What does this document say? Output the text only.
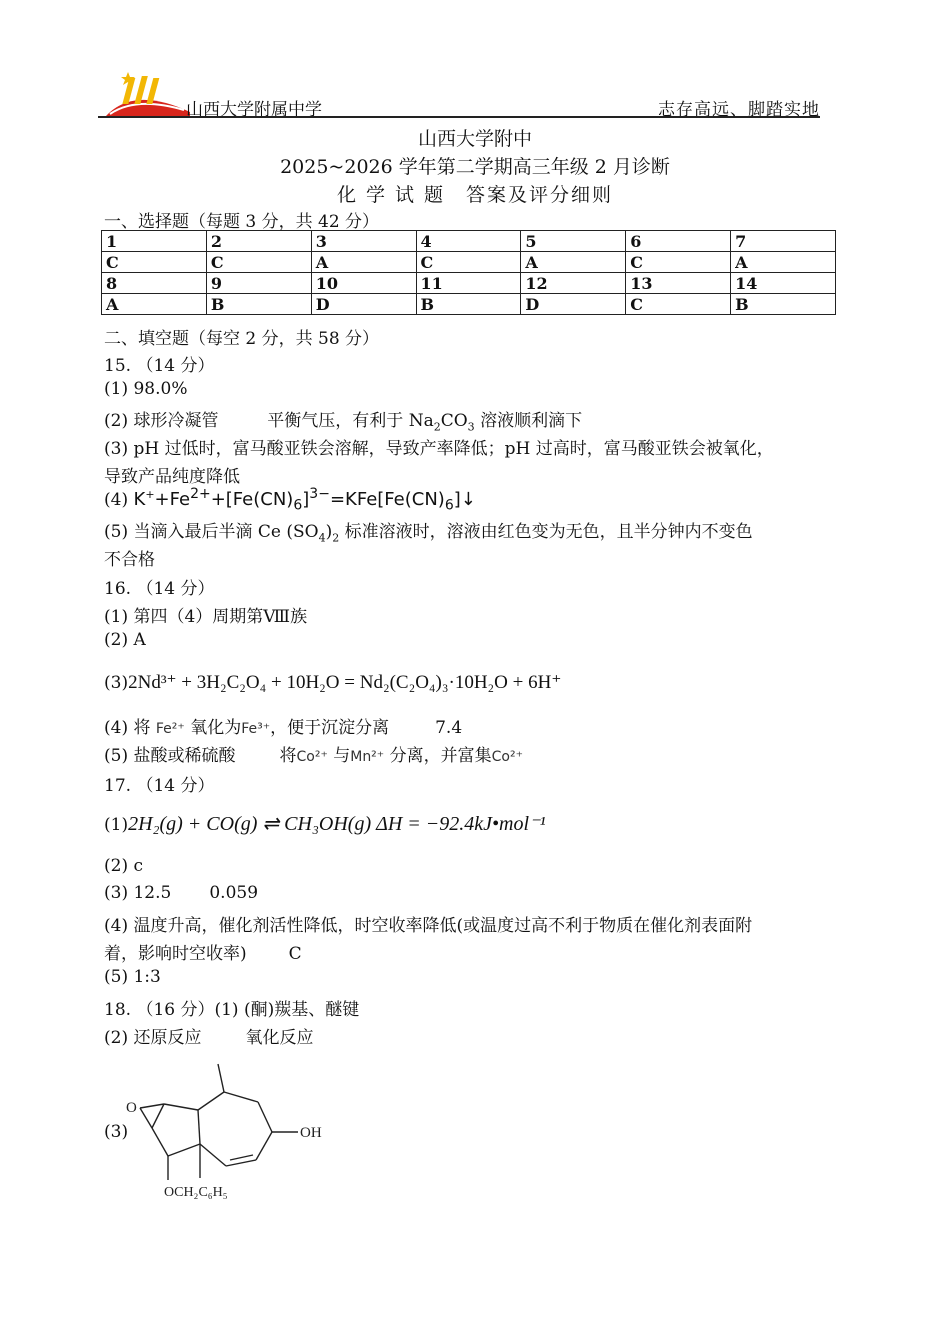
山西大学附属中学	志存高远、脚踏实地
山西大学附中
2025~2026 学年第二学期高三年级 2 月诊断
化 学 试 题　答案及评分细则
一、选择题（每题 3 分，共 42 分）
1	2	3	4	5	6	7
C	C	A	C	A	C	A
8	9	10	11	12	13	14
A	B	D	B	D	C	B
二、填空题（每空 2 分，共 58 分）
15. （14 分）
(1) 98.0%
(2) 球形冷凝管	平衡气压，有利于 $Na_2CO_3$ 溶液顺利滴下
(3) pH 过低时，富马酸亚铁会溶解，导致产率降低；pH 过高时，富马酸亚铁会被氧化，
导致产品纯度降低
(4) $K^++Fe^{2+}+[Fe(CN)_6]^{3-}=KFe[Fe(CN)_6]↓$
(5) 当滴入最后半滴 Ce $(SO_4)_2$ 标准溶液时，溶液由红色变为无色，且半分钟内不变色
不合格
16. （14 分）
(1) 第四（4）周期第Ⅷ族
(2) A
(3)2Nd³⁺ + 3H₂C₂O₄ + 10H₂O = Nd₂(C₂O₄)₃·10H₂O + 6H⁺
(4) 将 Fe²⁺ 氧化为Fe³⁺，便于沉淀分离	7.4
(5) 盐酸或稀硫酸	将Co²⁺ 与Mn²⁺ 分离，并富集Co²⁺
17. （14 分）
(1)2H₂(g) + CO(g) ⇌ CH₃OH(g) ΔH = −92.4kJ•mol⁻¹
(2) c
(3) 12.5 0.059
(4) 温度升高，催化剂活性降低，时空收率降低(或温度过高不利于物质在催化剂表面附
着，影响时空收率) C
(5) 1:3
18. （16 分）(1) (酮)羰基、醚键
(2) 还原反应	氧化反应
(3)
O
OH
OCH₂C₆H₅
